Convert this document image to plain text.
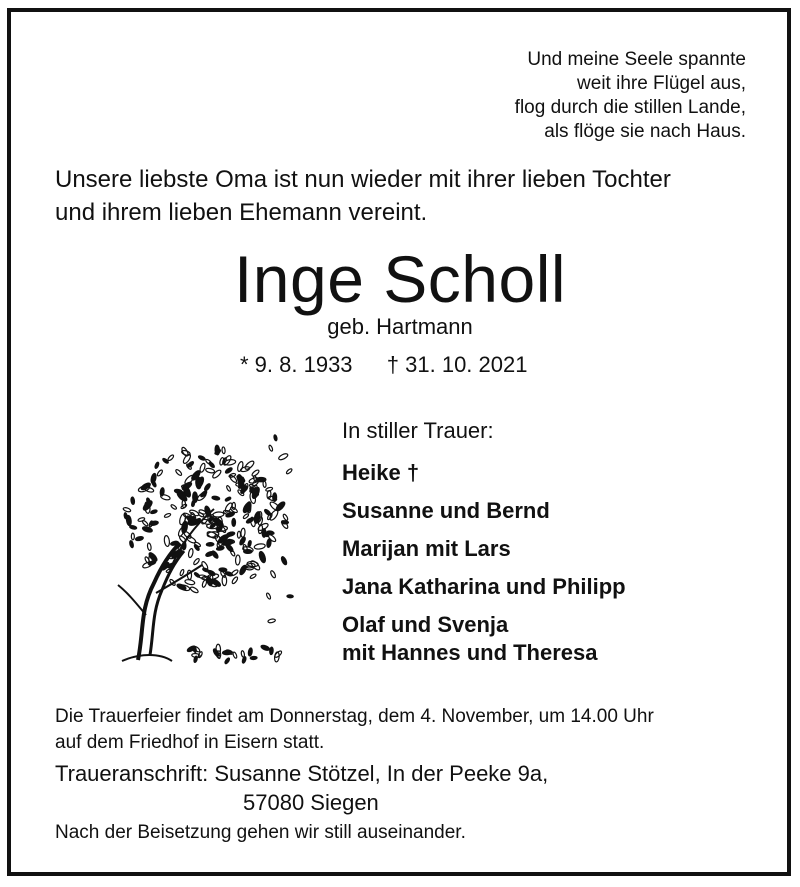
Und meine Seele spannte
weit ihre Flügel aus,
flog durch die stillen Lande,
als flöge sie nach Haus.
Unsere liebste Oma ist nun wieder mit ihrer lieben Tochter
und ihrem lieben Ehemann vereint.
Inge Scholl
geb. Hartmann
* 9. 8. 1933 † 31. 10. 2021
In stiller Trauer:
Heike †
Susanne und Bernd
Marijan mit Lars
Jana Katharina und Philipp
Olaf und Svenja
mit Hannes und Theresa
Die Trauerfeier findet am Donnerstag, dem 4. November, um 14.00 Uhr
auf dem Friedhof in Eisern statt.
Traueranschrift: Susanne Stötzel, In der Peeke 9a,
57080 Siegen
Nach der Beisetzung gehen wir still auseinander.
